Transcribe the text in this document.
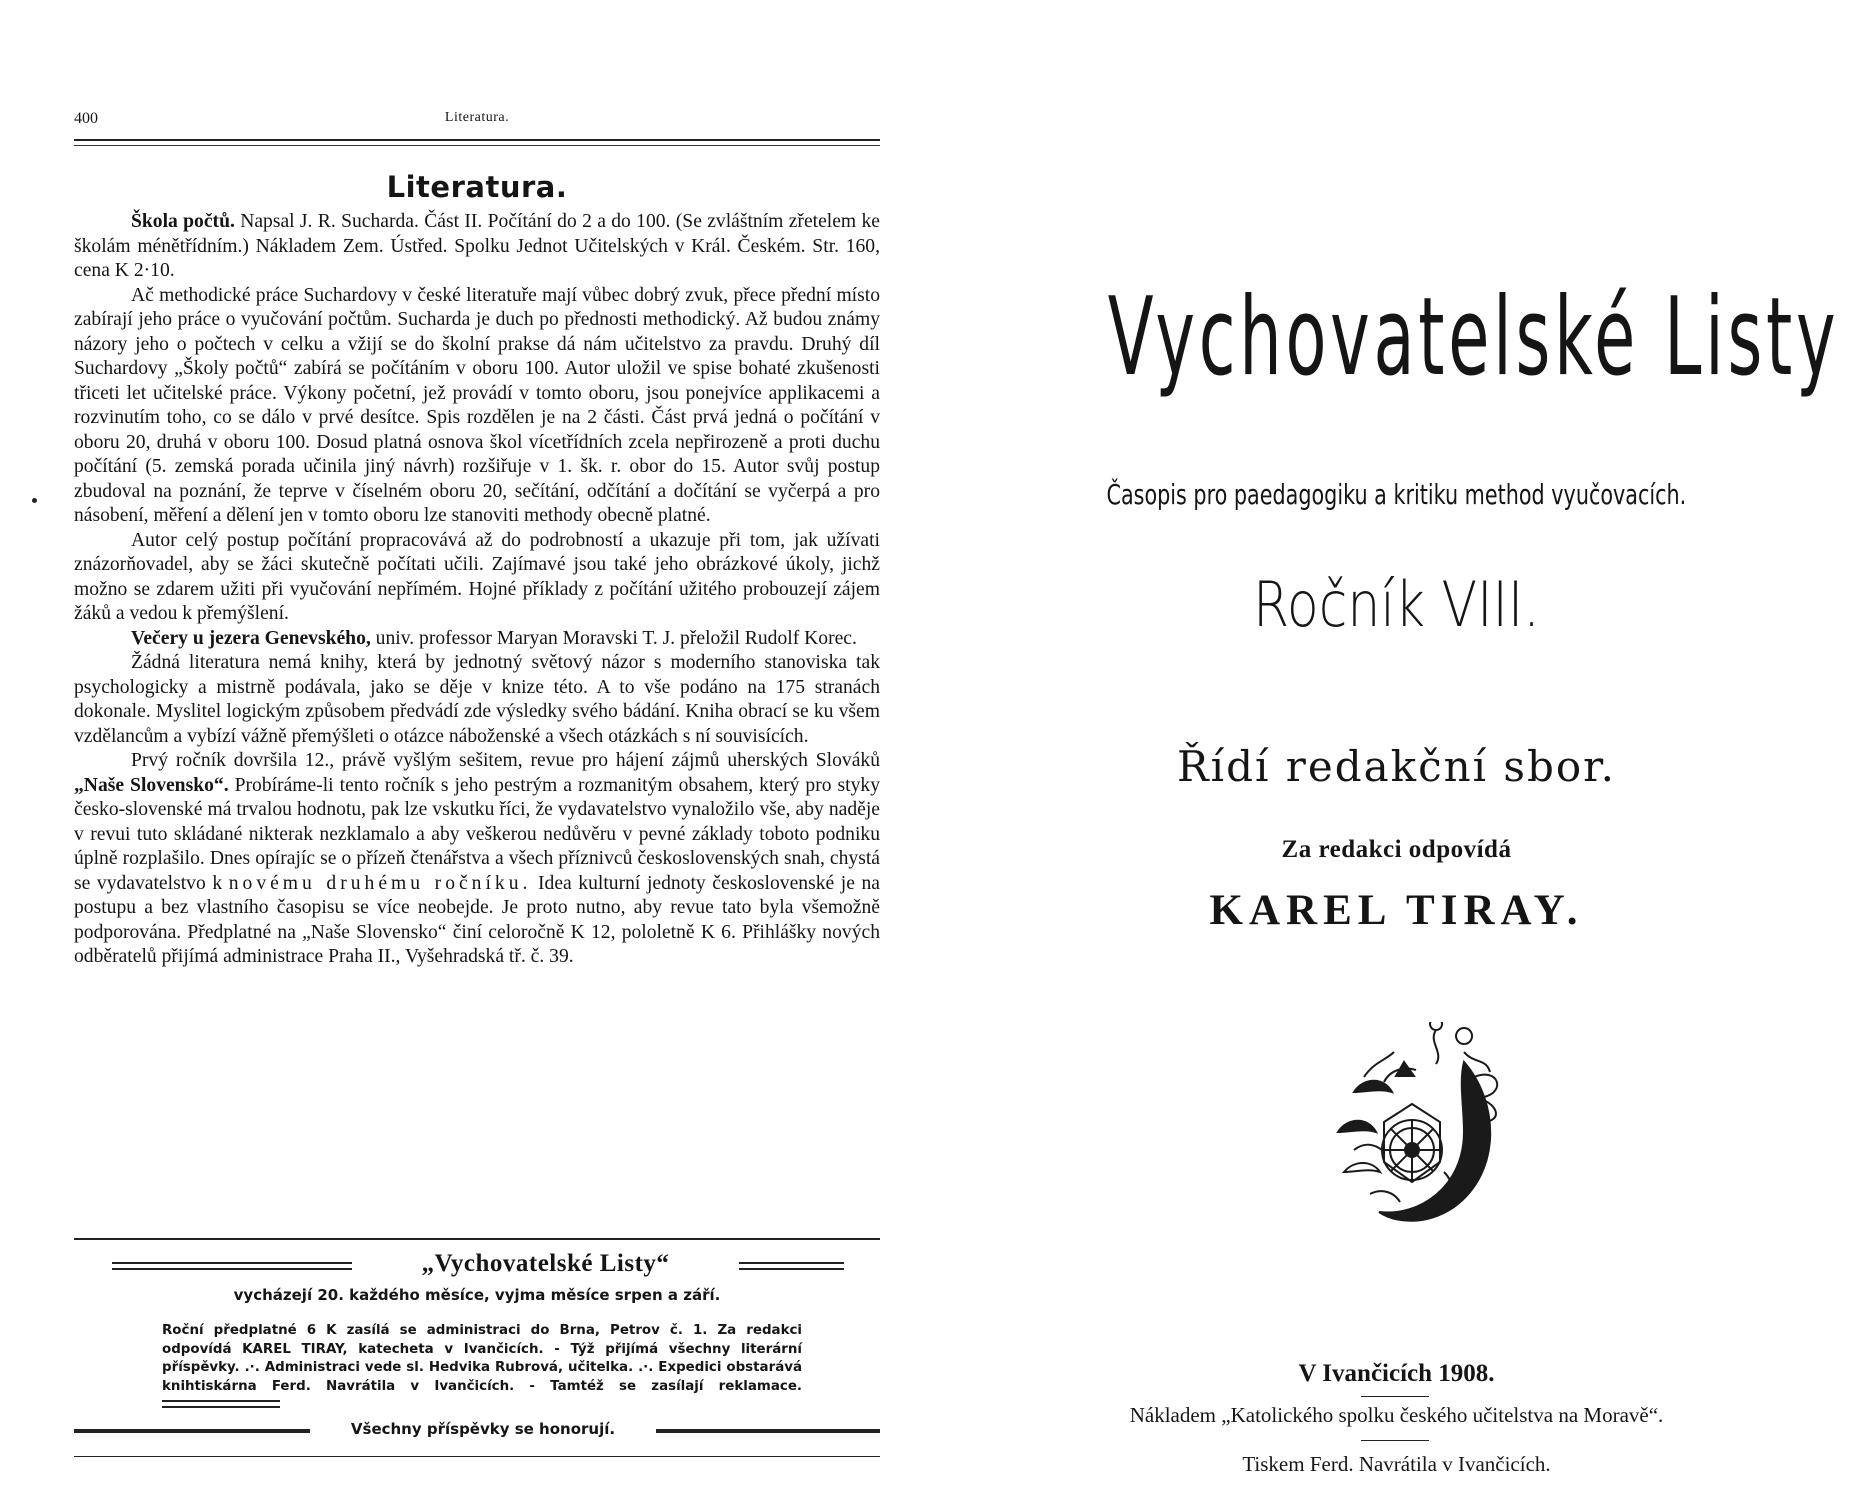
400	Literatura.
Literatura.

Škola počtů. Napsal J. R. Sucharda. Část II. Počítání do 2 a do 100. (Se zvláštním zřetelem ke školám ménětřídním.) Nákladem Zem. Ústřed. Spolku Jednot Učitelských v Král. Českém. Str. 160, cena K 2·10.

Ač methodické práce Suchardovy v české literatuře mají vůbec dobrý zvuk, přece přední místo zabírají jeho práce o vyučování počtům. Sucharda je duch po přednosti methodický. Až budou známy názory jeho o počtech v celku a vžijí se do školní prakse dá nám učitelstvo za pravdu. Druhý díl Suchardovy „Školy počtů“ zabírá se počítáním v oboru 100. Autor uložil ve spise bohaté zkušenosti třiceti let učitelské práce. Výkony početní, jež provádí v tomto oboru, jsou ponejvíce applikacemi a rozvinutím toho, co se dálo v prvé desítce. Spis rozdělen je na 2 části. Část prvá jedná o počítání v oboru 20, druhá v oboru 100. Dosud platná osnova škol vícetřídních zcela nepřirozeně a proti duchu počítání (5. zemská porada učinila jiný návrh) rozšiřuje v 1. šk. r. obor do 15. Autor svůj postup zbudoval na poznání, že teprve v číselném oboru 20, sečítání, odčítání a dočítání se vyčerpá a pro násobení, měření a dělení jen v tomto oboru lze stanoviti methody obecně platné.

Autor celý postup počítání propracovává až do podrobností a ukazuje při tom, jak užívati znázorňovadel, aby se žáci skutečně počítati učili. Zajímavé jsou také jeho obrázkové úkoly, jichž možno se zdarem užiti při vyučování nepřímém. Hojné příklady z počítání užitého probouzejí zájem žáků a vedou k přemýšlení.

Večery u jezera Genevského, univ. professor Maryan Moravski T. J. přeložil Rudolf Korec.

Žádná literatura nemá knihy, která by jednotný světový názor s moderního stanoviska tak psychologicky a mistrně podávala, jako se děje v knize této. A to vše podáno na 175 stranách dokonale. Myslitel logickým způsobem předvádí zde výsledky svého bádání. Kniha obrací se ku všem vzdělancům a vybízí vážně přemýšleti o otázce náboženské a všech otázkách s ní souvisících.

Prvý ročník dovršila 12., právě vyšlým sešitem, revue pro hájení zájmů uherských Slováků „Naše Slovensko“. Probíráme-li tento ročník s jeho pestrým a rozmanitým obsahem, který pro styky česko-slovenské má trvalou hodnotu, pak lze vskutku říci, že vydavatelstvo vynaložilo vše, aby naděje v revui tuto skládané nikterak nezklamalo a aby veškerou nedůvěru v pevné základy toboto podniku úplně rozplašilo. Dnes opírajíc se o přízeň čtenářstva a všech příznivců československých snah, chystá se vydavatelstvo k novému druhému ročníku. Idea kulturní jednoty československé je na postupu a bez vlastního časopisu se více neobejde. Je proto nutno, aby revue tato byla všemožně podporována. Předplatné na „Naše Slovensko“ činí celoročně K 12, pololetně K 6. Přihlášky nových odběratelů přijímá administrace Praha II., Vyšehradská tř. č. 39.

„Vychovatelské Listy“
vycházejí 20. každého měsíce, vyjma měsíce srpen a září.
Roční předplatné 6 K zasílá se administraci do Brna, Petrov č. 1. Za redakci odpovídá KAREL TIRAY, katecheta v Ivančicích. - Týž přijímá všechny literární příspěvky. .·. Administraci vede sl. Hedvika Rubrová, učitelka. .·. Expedici obstarává knihtiskárna Ferd. Navrátila v Ivančicích. - Tamtéž se zasílají reklamace.
Všechny příspěvky se honorují.
Vychovatelské Listy
Časopis pro paedagogiku a kritiku method vyučovacích.
Ročník VIII.
Řídí redakční sbor.
Za redakci odpovídá
KAREL TIRAY.
V Ivančicích 1908.
Nákladem „Katolického spolku českého učitelstva na Moravě“.
Tiskem Ferd. Navrátila v Ivančicích.
